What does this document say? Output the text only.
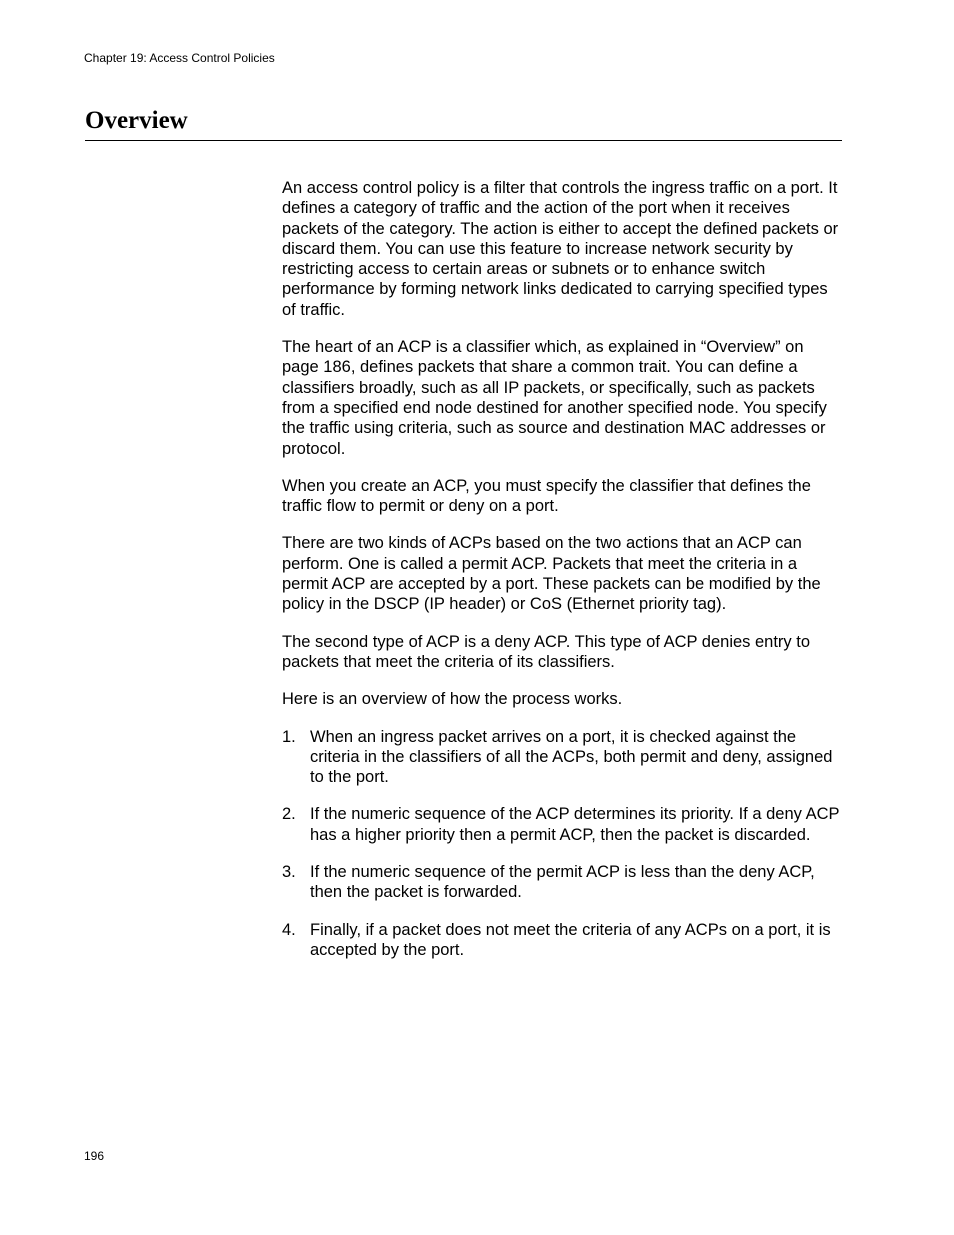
Chapter 19: Access Control Policies
Overview

An access control policy is a filter that controls the ingress traffic on a port. It defines a category of traffic and the action of the port when it receives packets of the category. The action is either to accept the defined packets or discard them. You can use this feature to increase network security by restricting access to certain areas or subnets or to enhance switch performance by forming network links dedicated to carrying specified types of traffic.

The heart of an ACP is a classifier which, as explained in “Overview” on page 186, defines packets that share a common trait. You can define a classifiers broadly, such as all IP packets, or specifically, such as packets from a specified end node destined for another specified node. You specify the traffic using criteria, such as source and destination MAC addresses or protocol.

When you create an ACP, you must specify the classifier that defines the traffic flow to permit or deny on a port.

There are two kinds of ACPs based on the two actions that an ACP can perform. One is called a permit ACP. Packets that meet the criteria in a permit ACP are accepted by a port. These packets can be modified by the policy in the DSCP (IP header) or CoS (Ethernet priority tag).

The second type of ACP is a deny ACP. This type of ACP denies entry to packets that meet the criteria of its classifiers.

Here is an overview of how the process works.

1. When an ingress packet arrives on a port, it is checked against the criteria in the classifiers of all the ACPs, both permit and deny, assigned to the port.
2. If the numeric sequence of the ACP determines its priority. If a deny ACP has a higher priority then a permit ACP, then the packet is discarded.
3. If the numeric sequence of the permit ACP is less than the deny ACP, then the packet is forwarded.
4. Finally, if a packet does not meet the criteria of any ACPs on a port, it is accepted by the port.
196
